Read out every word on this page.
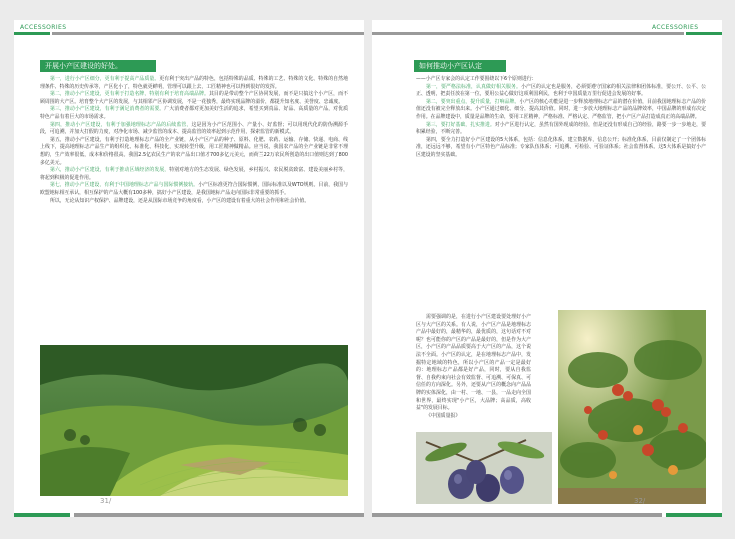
ACCESSORIES
开展小产区建设的好处。

第一，进行小产区细分，更有利于提高产品质量。更有利于突出产品的特色，包括特殊的品质、特殊的工艺、特殊的文化、特殊的自然地理条件、特殊的历史传承等，产区化小了，特色就更鲜明，管理可以跟上去，工匠精神也可以得到很好的发挥。

第二，推动小产区建设，更有利于打造名牌，特别有利于培育高端品牌。其目的是带动整个产区协同发展，而不是只搞这个小产区，而不顾周围的大产区。培育整个大产区的发展，与其相邻产区协调发展，不是一花独秀，最终实现品牌的溢价，都提升知名度、美誉度、忠诚度。

第三，推动小产区建设，有利于满足消费者的需要。广大消费者都对更加美好生活的追求，希望买到真品、好品、高质量的产品，对优质特色产品有着巨大的市场需求。

第四，推动小产区建设，有利于加强地理标志产品的后续监管，这是因为小产区范围小、产量小、好监督；可以用现代化的防伪溯源手段，可追溯，并加大打假的力度，对净化市场、减少监管的成本、提高监管的效率起到示范作用，探索监管的新模式。

第五，推动小产区建设，有利于打造地理标志产品的全产业链，从小产区产品的种子、原料、化肥、农药、运输、存储、快递、电商、线上线下，提高地理标志产品生产的组织化、标准化、科技化，实现转型升级，用工匠精神做精品。应当说，我国农产品的全产业链是非常不理想的，生产效率很低，成本和价格很高。我国2.5亿农民生产的农产品出口值才700多亿元美元，而荷兰22万农民所创造的出口值则达到了800多亿美元。

第六，推动小产区建设，有利于推动区域经济的发展，特别对地方的生态发展、绿色发展，乡村振兴、农民脱贫致富、建设美丽乡村等，将起到积极的促进作用。

第七，推动小产区建设，有利于中国地理标志产品与国际惯例接轨。小产区标准更符合国际惯例，国际标准以及WTO规则。目前，我国与欧盟地标相互承认，相互保护的产品大概有100多种，搞好小产区建设，是我国地标产品走向国际非常重要的抓手。

所以，无论从知识产权保护、品牌建设，还是从国际市场竞争的角度看，小产区的建设有着重大的社会作用和社会价值。

31/
ACCESSORIES
如何推动小产区认定

——小产区专家会的认定工作要围绕以下6个原则进行：

第一，要严格法标准，认真做好相关服务。小产区的认定也是服务，必须要遵守国家的相关法律和团体标准，要公开、公平、公正、透明，把责任放在第一位，要用公益心做好这项利国利民，也利于中国质量万里行促进会发展的好事。

第二，要突出重点，提升质量，打响品牌。小产区的核心功能是进一步释放地理标志产品的潜在价值，目前我国地理标志产品的价值还没有被完全释放出来。小产区通过细化、细分，提高其价值。同时，进一步放大地理标志产品的品牌效率，中国品牌的形成有决定作用。在品牌建设中，质量是品牌的生命，要用工匠精神，严格标准、严格认定、严格监管，把小产区产品打造成真正的高端品牌。

第三，要打好基础，扎实推进。对小产区进行认定，虽然有国外现成的经验，但是还没有形成自己的经验，路要一步一步地走，要积累经验，不断完善。

第四，要全力打造好小产区建设的5大体系，包括：信息化体系，建立数据库，信息公开；标准化体系，目前仅制定了一个团体标准，还远远不够，希望有小产区特色产品标准；专家队伍体系；可追溯、可检验、可验证体系；社会监督体系。这5大体系是搞好小产区建设的坚实基础。

需要强调的是，在进行小产区建设要处理好小产区与大产区的关系。有人说，小产区产品是地理标志产品中最好的，最精华的，最优质的，这句话对不对呢？也可能你的产区的产品是最好的，但是作为大产区，小产区的产品品质要高于大产区的产品，这个说法不全面。小产区的认定，是在地理标志产品中，发掘特定地域的特色，所以小产区的产品一定是最好的：地理标志产品都是好产品，同时，要从自我监督、自我约束向社会有效监督、可追溯、可保真、可信任的方向深化。另外，还要从产区的概念向产品品牌的实体深化，由一村、一地、一县，一品走向全国和世界，最终实现"小产区，大品牌；高品质，高收益"的发展目标。

《中国质量报》

32/
